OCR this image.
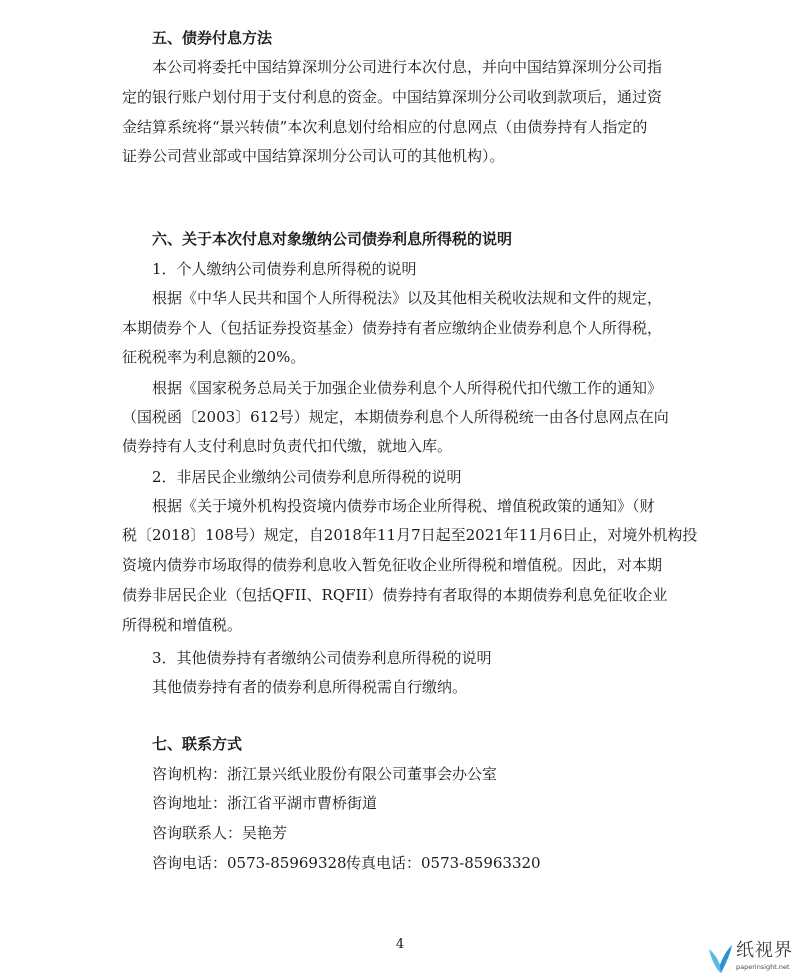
五、债券付息方法
本公司将委托中国结算深圳分公司进行本次付息，并向中国结算深圳分公司指
定的银行账户划付用于支付利息的资金。中国结算深圳分公司收到款项后，通过资
金结算系统将“景兴转债”本次利息划付给相应的付息网点（由债券持有人指定的
证券公司营业部或中国结算深圳分公司认可的其他机构）。
六、关于本次付息对象缴纳公司债券利息所得税的说明
1．个人缴纳公司债券利息所得税的说明
根据《中华人民共和国个人所得税法》以及其他相关税收法规和文件的规定，
本期债券个人（包括证券投资基金）债券持有者应缴纳企业债券利息个人所得税，
征税税率为利息额的20%。
根据《国家税务总局关于加强企业债券利息个人所得税代扣代缴工作的通知》
（国税函〔2003〕612号）规定，本期债券利息个人所得税统一由各付息网点在向
债券持有人支付利息时负责代扣代缴，就地入库。
2．非居民企业缴纳公司债券利息所得税的说明
根据《关于境外机构投资境内债券市场企业所得税、增值税政策的通知》（财
税〔2018〕108号）规定，自2018年11月7日起至2021年11月6日止，对境外机构投
资境内债券市场取得的债券利息收入暂免征收企业所得税和增值税。因此，对本期
债券非居民企业（包括QFII、RQFII）债券持有者取得的本期债券利息免征收企业
所得税和增值税。
3．其他债券持有者缴纳公司债券利息所得税的说明
其他债券持有者的债券利息所得税需自行缴纳。
七、联系方式
咨询机构：浙江景兴纸业股份有限公司董事会办公室
咨询地址：浙江省平湖市曹桥街道
咨询联系人：吴艳芳
咨询电话：0573-85969328 传真电话：0573-85963320
4	纸视界
paperinsight.net
